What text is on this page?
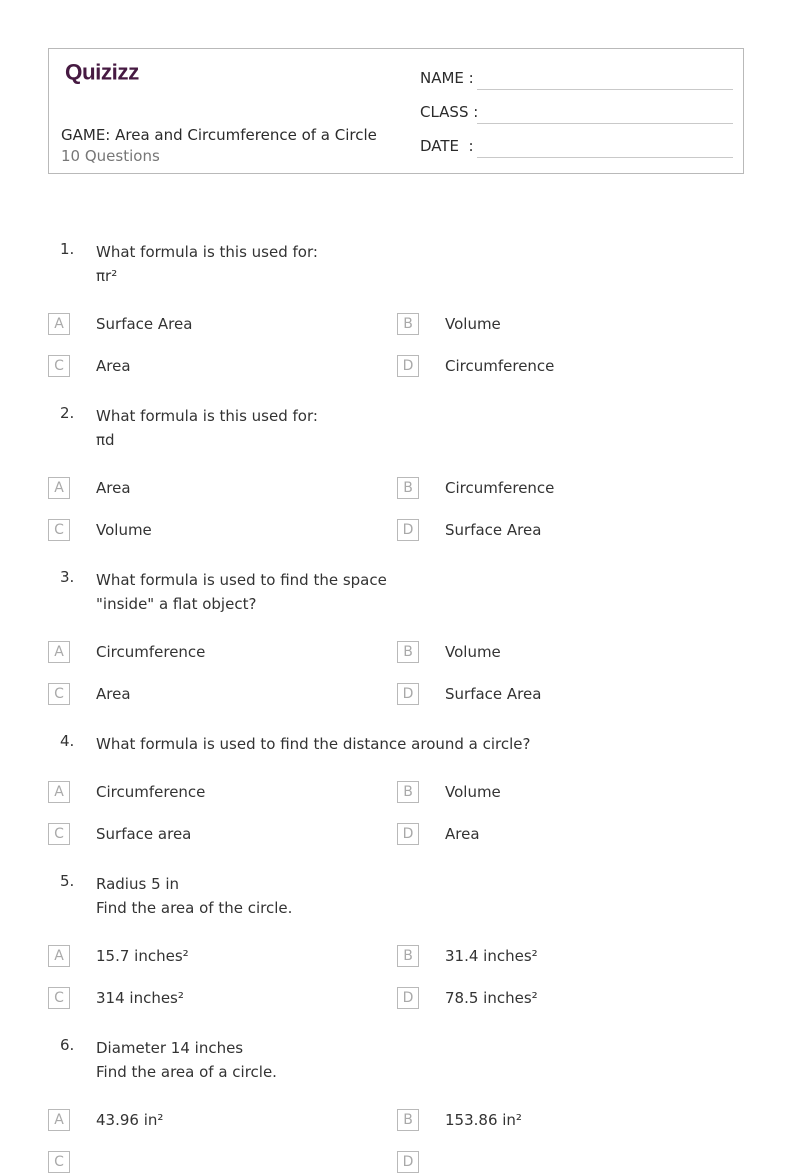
Quizizz
GAME: Area and Circumference of a Circle
10 Questions
NAME :
CLASS :
DATE  :
1. What formula is this used for:
πr²
A	Surface Area	B	Volume
C	Area	D	Circumference
2. What formula is this used for:
πd
A	Area	B	Circumference
C	Volume	D	Surface Area
3. What formula is used to find the space
"inside" a flat object?
A	Circumference	B	Volume
C	Area	D	Surface Area
4. What formula is used to find the distance around a circle?
A	Circumference	B	Volume
C	Surface area	D	Area
5. Radius 5 in
Find the area of the circle.
A	15.7 inches²	B	31.4 inches²
C	314 inches²	D	78.5 inches²
6. Diameter 14 inches
Find the area of a circle.
A	43.96 in²	B	153.86 in²
C	D
